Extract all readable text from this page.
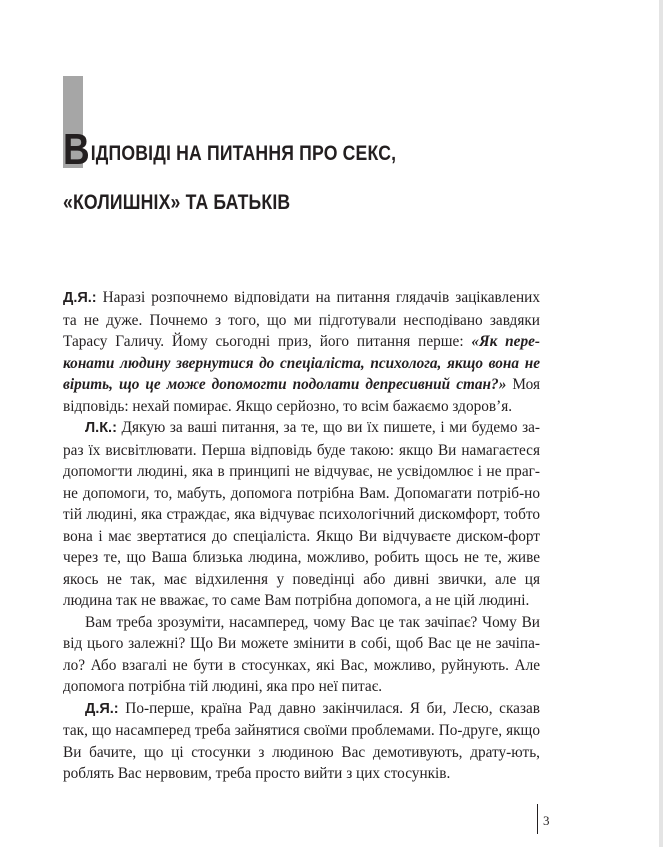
ВІДПОВІДІ НА ПИТАННЯ ПРО СЕКС,
«КОЛИШНІХ» ТА БАТЬКІВ

Д.Я.: Наразі розпочнемо відповідати на питання глядачів зацікавлених та не дуже. Почнемо з того, що ми підготували несподівано завдяки Тарасу Галичу. Йому сьогодні приз, його питання перше: «Як пере-конати людину звернутися до спеціаліста, психолога, якщо вона не вірить, що це може допомогти подолати депресивний стан?» Моя відповідь: нехай помирає. Якщо серйозно, то всім бажаємо здоров’я.

Л.К.: Дякую за ваші питання, за те, що ви їх пишете, і ми будемо за-раз їх висвітлювати. Перша відповідь буде такою: якщо Ви намагаєтеся допомогти людині, яка в принципі не відчуває, не усвідомлює і не праг-не допомоги, то, мабуть, допомога потрібна Вам. Допомагати потріб-но тій людині, яка страждає, яка відчуває психологічний дискомфорт, тобто вона і має звертатися до спеціаліста. Якщо Ви відчуваєте диском-форт через те, що Ваша близька людина, можливо, робить щось не те, живе якось не так, має відхилення у поведінці або дивні звички, але ця людина так не вважає, то саме Вам потрібна допомога, а не цій людині.

Вам треба зрозуміти, насамперед, чому Вас це так зачіпає? Чому Ви від цього залежні? Що Ви можете змінити в собі, щоб Вас це не зачіпа-ло? Або взагалі не бути в стосунках, які Вас, можливо, руйнують. Але допомога потрібна тій людині, яка про неї питає.

Д.Я.: По-перше, країна Рад давно закінчилася. Я би, Лесю, сказав так, що насамперед треба зайнятися своїми проблемами. По-друге, якщо Ви бачите, що ці стосунки з людиною Вас демотивують, драту-ють, роблять Вас нервовим, треба просто вийти з цих стосунків.

3
